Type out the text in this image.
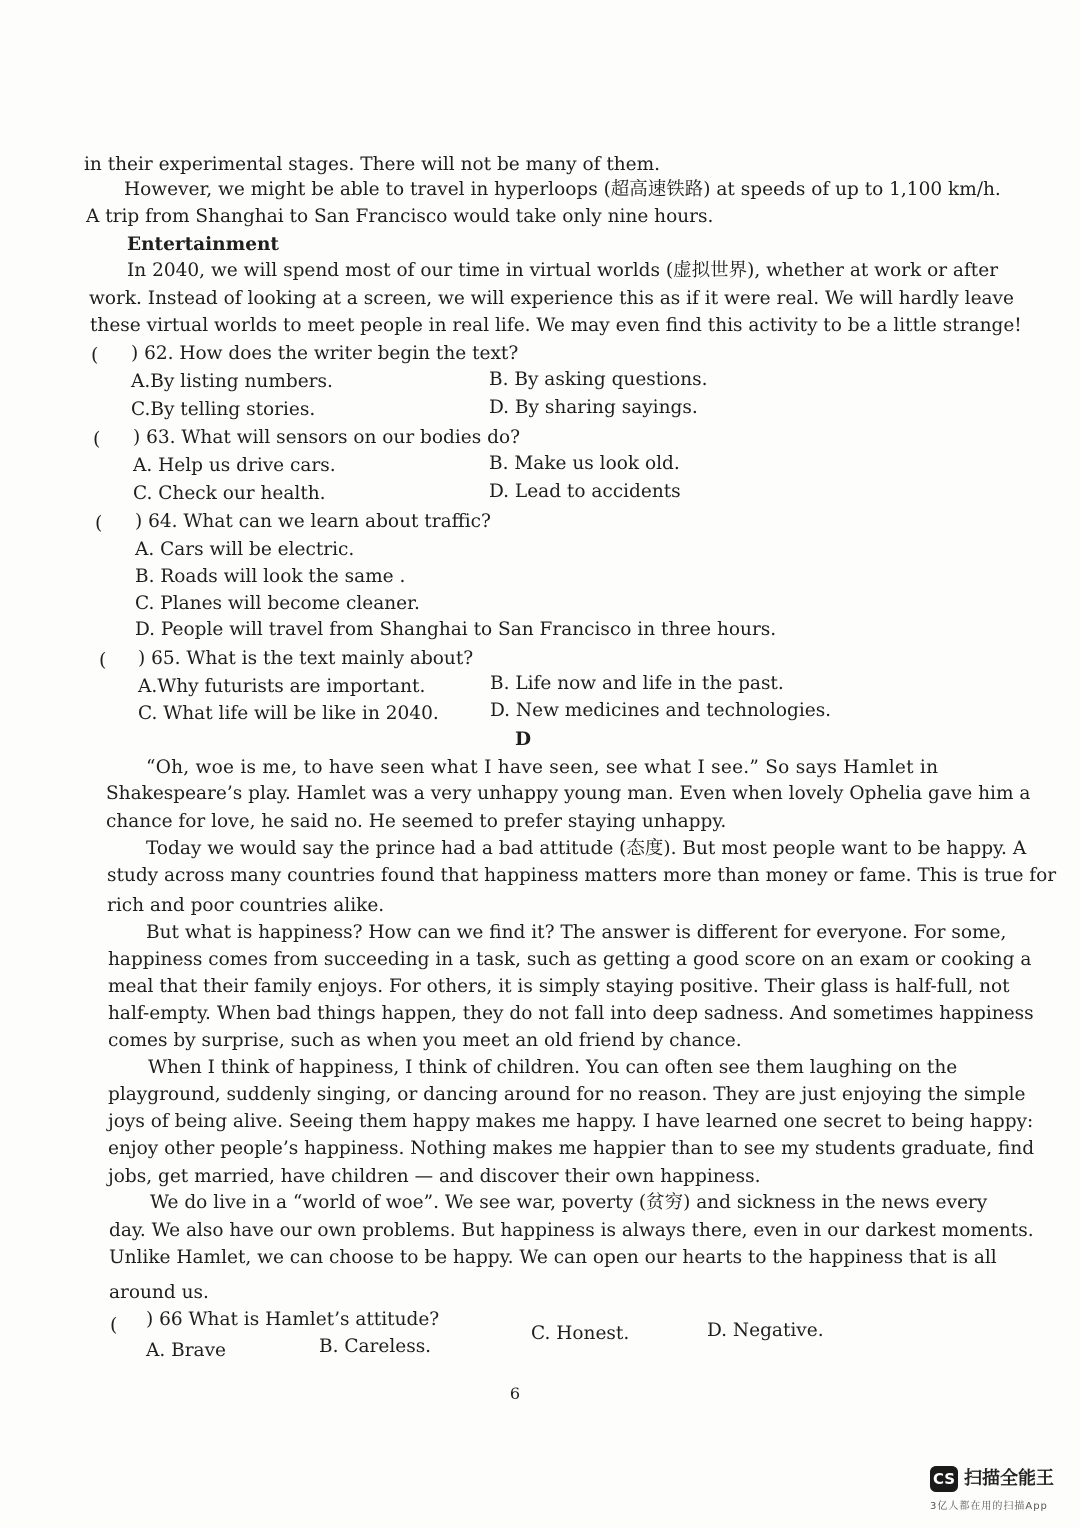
in their experimental stages. There will not be many of them.
However, we might be able to travel in hyperloops (超高速铁路) at speeds of up to 1,100 km/h.
A trip from Shanghai to San Francisco would take only nine hours.
Entertainment
In 2040, we will spend most of our time in virtual worlds (虚拟世界), whether at work or after
work. Instead of looking at a screen, we will experience this as if it were real. We will hardly leave
these virtual worlds to meet people in real life. We may even find this activity to be a little strange!
( ) 62. How does the writer begin the text?
A.By listing numbers.	B. By asking questions.
C.By telling stories.	D. By sharing sayings.
( ) 63. What will sensors on our bodies do?
A. Help us drive cars.	B. Make us look old.
C. Check our health.	D. Lead to accidents
( ) 64. What can we learn about traffic?
A. Cars will be electric.
B. Roads will look the same .
C. Planes will become cleaner.
D. People will travel from Shanghai to San Francisco in three hours.
( ) 65. What is the text mainly about?
A.Why futurists are important.	B. Life now and life in the past.
C. What life will be like in 2040.	D. New medicines and technologies.
D
“Oh, woe is me, to have seen what I have seen, see what I see.” So says Hamlet in
Shakespeare’s play. Hamlet was a very unhappy young man. Even when lovely Ophelia gave him a
chance for love, he said no. He seemed to prefer staying unhappy.
Today we would say the prince had a bad attitude (态度). But most people want to be happy. A
study across many countries found that happiness matters more than money or fame. This is true for
rich and poor countries alike.
But what is happiness? How can we find it? The answer is different for everyone. For some,
happiness comes from succeeding in a task, such as getting a good score on an exam or cooking a
meal that their family enjoys. For others, it is simply staying positive. Their glass is half-full, not
half-empty. When bad things happen, they do not fall into deep sadness. And sometimes happiness
comes by surprise, such as when you meet an old friend by chance.
When I think of happiness, I think of children. You can often see them laughing on the
playground, suddenly singing, or dancing around for no reason. They are just enjoying the simple
joys of being alive. Seeing them happy makes me happy. I have learned one secret to being happy:
enjoy other people’s happiness. Nothing makes me happier than to see my students graduate, find
jobs, get married, have children — and discover their own happiness.
We do live in a “world of woe”. We see war, poverty (贫穷) and sickness in the news every
day. We also have our own problems. But happiness is always there, even in our darkest moments.
Unlike Hamlet, we can choose to be happy. We can open our hearts to the happiness that is all
around us.
( ) 66 What is Hamlet’s attitude?
A. Brave	B. Careless.
C. Honest.	D. Negative.
6
CS 扫描全能王
3亿人都在用的扫描App
